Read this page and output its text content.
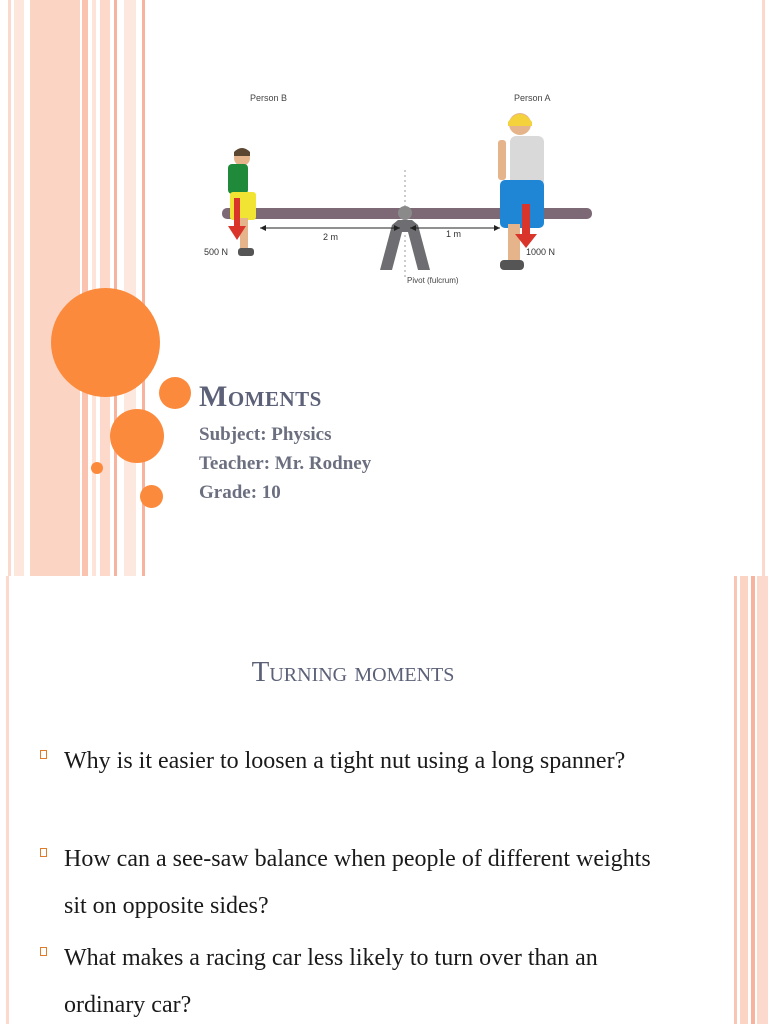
Person B	Person A
2 m	1 m
500 N	1000 N
Pivot (fulcrum)
Moments
Subject: Physics
Teacher: Mr. Rodney
Grade: 10
Turning moments
Why is it easier to loosen a tight nut using a long spanner?
How can a see-saw balance when people of different weights sit on opposite sides?
What makes a racing car less likely to turn over than an ordinary car?
